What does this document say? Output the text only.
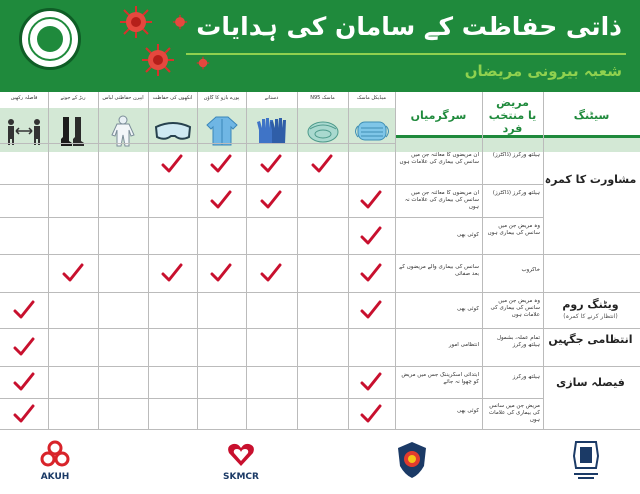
ذاتی حفاظت کے سامان کی ہدایات
شعبہ بیرونی مریضاں
سیٹنگ
مریض
یا منتخب فرد
سرگرمیاں
میڈیکل ماسک
ماسک N95
دستانے
پورے بازو کا گاؤن
آنکھوں کی حفاظت
ایپرن حفاظتی لباس
ربڑ کے جوتے
فاصلہ رکھیں
مشاورت کا کمرہ
ویٹنگ روم
(انتظار کرنے کا کمرہ)
انتظامی جگہیں
فیصلہ سازی
ہیلتھ ورکرز (ڈاکٹرز)
ہیلتھ ورکرز (ڈاکٹرز)
وہ مریض جن میں سانس کی بیماری ہوں
خاکروب
وہ مریض جن میں سانس کی بیماری کی علامات ہوں
تمام عملہ، بشمول ہیلتھ ورکرز
ہیلتھ ورکرز
مریض جن میں سانس کی بیماری کی علامات ہوں
ان مریضوں کا معائنہ جن میں سانس کی بیماری کی علامات ہوں
ان مریضوں کا معائنہ جن میں سانس کی بیماری کی علامات نہ ہوں
کوئی بھی
سانس کی بیماری والے مریضوں کے بعد صفائی
کوئی بھی
انتظامی امور
ابتدائی اسکریننگ جس میں مریض کو چھوا نہ جائے
کوئی بھی
AKUH	SKMCR
